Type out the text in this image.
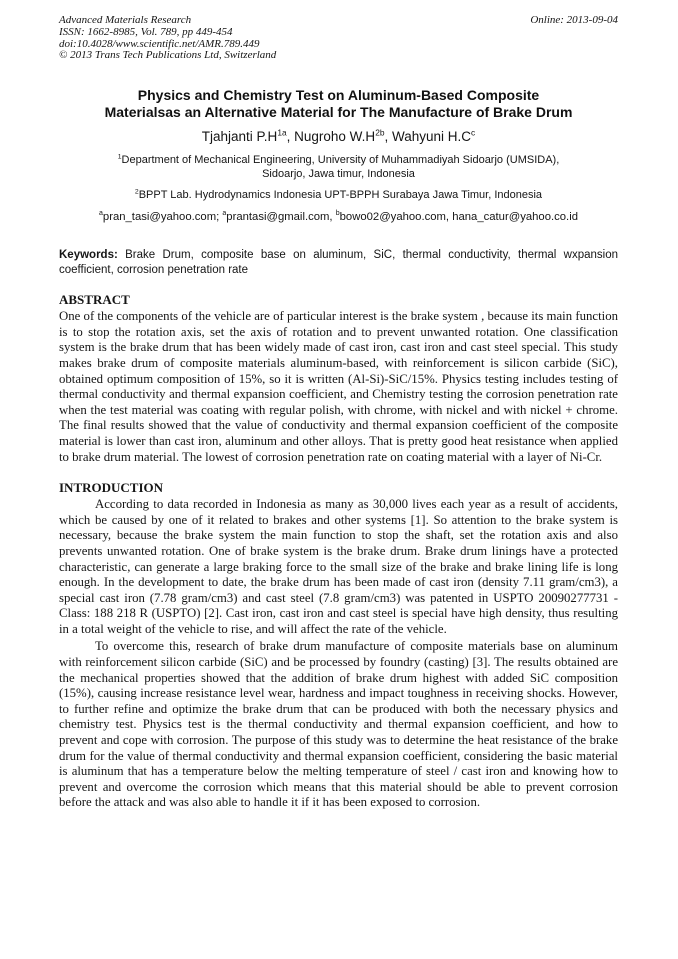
Advanced Materials Research
ISSN: 1662-8985, Vol. 789, pp 449-454
doi:10.4028/www.scientific.net/AMR.789.449
© 2013 Trans Tech Publications Ltd, Switzerland
Online: 2013-09-04
Physics and Chemistry Test on Aluminum-Based Composite
Materialsas an Alternative Material for The Manufacture of Brake Drum
Tjahjanti $P.H^{1a}$, Nugroho $W.H^{2b}$, Wahyuni $H.C^c$
$^1$Department of Mechanical Engineering, University of Muhammadiyah Sidoarjo (UMSIDA),
Sidoarjo, Jawa timur, Indonesia
$^2$BPPT Lab. Hydrodynamics Indonesia UPT-BPPH Surabaya Jawa Timur, Indonesia
$^a$pran_tasi@yahoo.com; $^a$prantasi@gmail.com, $^b$bowo02@yahoo.com, hana_catur@yahoo.co.id

Keywords: Brake Drum, composite base on aluminum, SiC, thermal conductivity, thermal wxpansion coefficient, corrosion penetration rate

ABSTRACT

One of the components of the vehicle are of particular interest is the brake system , because its main function is to stop the rotation axis, set the axis of rotation and to prevent unwanted rotation. One classification system is the brake drum that has been widely made of cast iron, cast iron and cast steel special. This study makes brake drum of composite materials aluminum-based, with reinforcement is silicon carbide (SiC), obtained optimum composition of 15%, so it is written (Al-Si)-SiC/15%. Physics testing includes testing of thermal conductivity and thermal expansion coefficient, and Chemistry testing the corrosion penetration rate when the test material was coating with regular polish, with chrome, with nickel and with nickel + chrome. The final results showed that the value of conductivity and thermal expansion coefficient of the composite material is lower than cast iron, aluminum and other alloys. That is pretty good heat resistance when applied to brake drum material. The lowest of corrosion penetration rate on coating material with a layer of Ni-Cr.

INTRODUCTION

According to data recorded in Indonesia as many as 30,000 lives each year as a result of accidents, which be caused by one of it related to brakes and other systems [1]. So attention to the brake system is necessary, because the brake system the main function to stop the shaft, set the rotation axis and also prevents unwanted rotation. One of brake system is the brake drum. Brake drum linings have a protected characteristic, can generate a large braking force to the small size of the brake and brake lining life is long enough. In the development to date, the brake drum has been made of cast iron (density 7.11 gram/cm3), a special cast iron (7.78 gram/cm3) and cast steel (7.8 gram/cm3) was patented in USPTO 20090277731 - Class: 188 218 R (USPTO) [2]. Cast iron, cast iron and cast steel is special have high density, thus resulting in a total weight of the vehicle to rise, and will affect the rate of the vehicle.

To overcome this, research of brake drum manufacture of composite materials base on aluminum with reinforcement silicon carbide (SiC) and be processed by foundry (casting) [3]. The results obtained are the mechanical properties showed that the addition of brake drum highest with added SiC composition (15%), causing increase resistance level wear, hardness and impact toughness in receiving shocks. However, to further refine and optimize the brake drum that can be produced with both the necessary physics and chemistry test. Physics test is the thermal conductivity and thermal expansion coefficient, and how to prevent and cope with corrosion. The purpose of this study was to determine the heat resistance of the brake drum for the value of thermal conductivity and thermal expansion coefficient, considering the basic material is aluminum that has a temperature below the melting temperature of steel / cast iron and knowing how to prevent and overcome the corrosion which means that this material should be able to prevent corrosion before the attack and was also able to handle it if it has been exposed to corrosion.
